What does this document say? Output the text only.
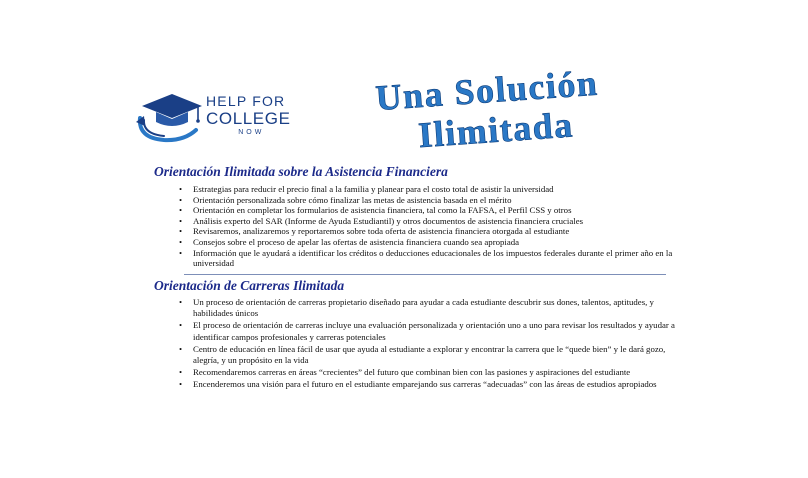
HELP FOR
COLLEGE
NOW
Una Solución
Ilimitada
Orientación Ilimitada sobre la Asistencia Financiera
• Estrategias para reducir el precio final a la familia y planear para el costo total de asistir la universidad
• Orientación personalizada sobre cómo finalizar las metas de asistencia basada en el mérito
• Orientación en completar los formularios de asistencia financiera, tal como la FAFSA, el Perfil CSS y otros
• Análisis experto del SAR (Informe de Ayuda Estudiantil) y otros documentos de asistencia financiera cruciales
• Revisaremos, analizaremos y reportaremos sobre toda oferta de asistencia financiera otorgada al estudiante
• Consejos sobre el proceso de apelar las ofertas de asistencia financiera cuando sea apropiada
• Información que le ayudará a identificar los créditos o deducciones educacionales de los impuestos federales durante el primer año en la universidad
Orientación de Carreras Ilimitada
• Un proceso de orientación de carreras propietario diseñado para ayudar a cada estudiante descubrir sus dones, talentos, aptitudes, y habilidades únicos
• El proceso de orientación de carreras incluye una evaluación personalizada y orientación uno a uno para revisar los resultados y ayudar a identificar campos profesionales y carreras potenciales
• Centro de educación en línea fácil de usar que ayuda al estudiante a explorar y encontrar la carrera que le “quede bien” y le dará gozo, alegría, y un propósito en la vida
• Recomendaremos carreras en áreas “crecientes” del futuro que combinan bien con las pasiones y aspiraciones del estudiante
• Encenderemos una visión para el futuro en el estudiante emparejando sus carreras “adecuadas” con las áreas de estudios apropiados
